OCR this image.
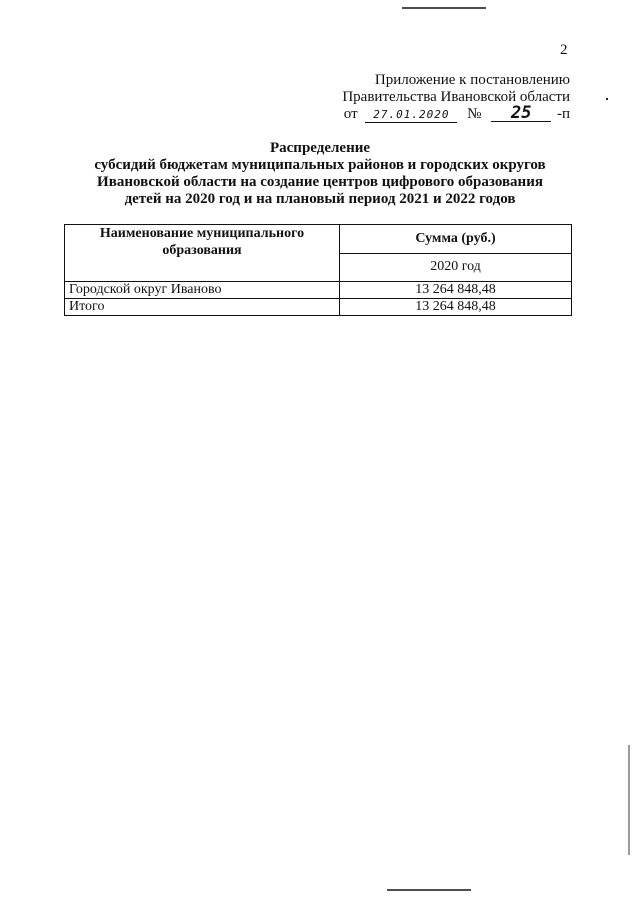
2
Приложение к постановлению
Правительства Ивановской области
от 27.01.2020 № 25 -п
Распределение
субсидий бюджетам муниципальных районов и городских округов
Ивановской области на создание центров цифрового образования
детей на 2020 год и на плановый период 2021 и 2022 годов
Наименование муниципального образования	Сумма (руб.)
	2020 год
Городской округ Иваново	13 264 848,48
Итого	13 264 848,48
